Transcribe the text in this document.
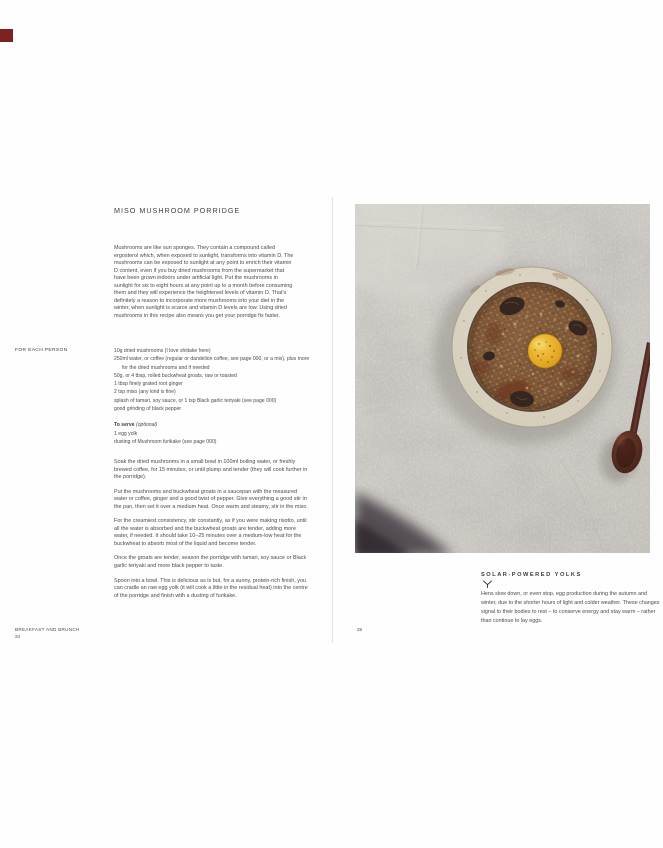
MISO MUSHROOM PORRIDGE
Mushrooms are like sun sponges. They contain a compound called ergosterol which, when exposed to sunlight, transforms into vitamin D. The mushrooms can be exposed to sunlight at any point to enrich their vitamin D content, even if you buy dried mushrooms from the supermarket that have been grown indoors under artificial light. Put the mushrooms in sunlight for six to eight hours at any point up to a month before consuming them and they will experience the heightened levels of vitamin D. That’s definitely a reason to incorporate more mushrooms into your diet in the winter, when sunlight is scarce and vitamin D levels are low. Using dried mushrooms in this recipe also means you get your porridge fix faster.
FOR EACH PERSON	10g dried mushrooms (I love shiitake here)
250ml water, or coffee (regular or dandelion coffee, see page 000, or a mix), plus more for the dried mushrooms and if needed
50g, or 4 tbsp, rolled buckwheat groats, raw or toasted
1 tbsp finely grated root ginger
2 tsp miso (any kind is fine)
splash of tamari, soy sauce, or 1 tsp Black garlic teriyaki (see page 000)
good grinding of black pepper
To serve (optional)
1 egg yolk
dusting of Mushroom furikake (see page 000)

Soak the dried mushrooms in a small bowl in 100ml boiling water, or freshly brewed coffee, for 15 minutes, or until plump and tender (they will cook further in the porridge).

Put the mushrooms and buckwheat groats in a saucepan with the measured water or coffee, ginger and a good twist of pepper. Give everything a good stir in the pan, then set it over a medium heat. Once warm and steamy, stir in the miso.

For the creamiest consistency, stir constantly, as if you were making risotto, until all the water is absorbed and the buckwheat groats are tender, adding more water, if needed. It should take 10–25 minutes over a medium-low heat for the buckwheat to absorb most of the liquid and become tender.

Once the groats are tender, season the porridge with tamari, soy sauce or Black garlic teriyaki and more black pepper to taste.

Spoon into a bowl. This is delicious as is but, for a sunny, protein-rich finish, you can cradle an raw egg yolk (it will cook a little in the residual heat) into the centre of the porridge and finish with a dusting of furikake.

BREAKFAST AND BRUNCH
24
SOLAR-POWERED YOLKS
Hens slow down, or even stop, egg production during the autumn and winter, due to the shorter hours of light and colder weather. These changes signal to their bodies to rest – to conserve energy and stay warm – rather than continue to lay eggs.
25
